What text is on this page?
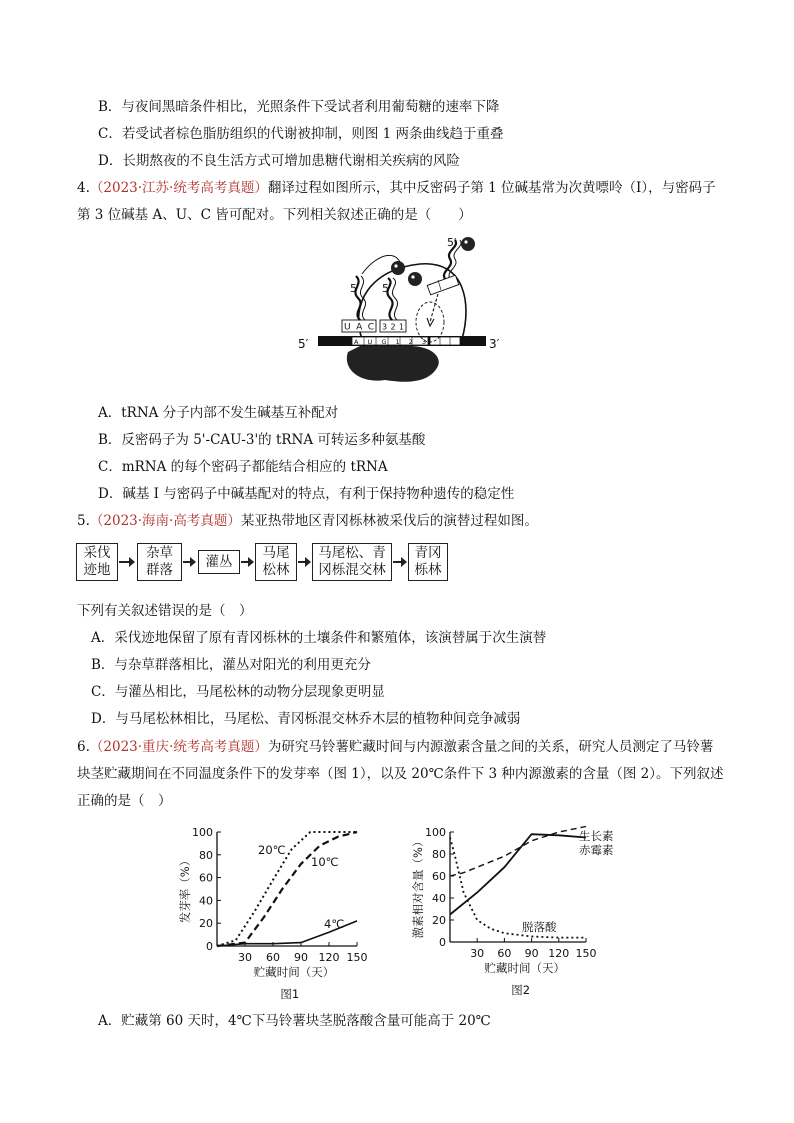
B．与夜间黑暗条件相比，光照条件下受试者利用葡萄糖的速率下降
C．若受试者棕色脂肪组织的代谢被抑制，则图 1 两条曲线趋于重叠
D．长期熬夜的不良生活方式可增加患糖代谢相关疾病的风险
4.（2023·江苏·统考高考真题）翻译过程如图所示，其中反密码子第 1 位碱基常为次黄嘌呤（I），与密码子
第 3 位碱基 A、U、C 皆可配对。下列相关叙述正确的是（　　）
A U G 1 2 3
5′	3′
UAC
5′
3 2 1
5′
5′
A．tRNA 分子内部不发生碱基互补配对
B．反密码子为 5'-CAU-3'的 tRNA 可转运多种氨基酸
C．mRNA 的每个密码子都能结合相应的 tRNA
D．碱基 I 与密码子中碱基配对的特点，有利于保持物种遗传的稳定性
5.（2023·海南·高考真题）某亚热带地区青冈栎林被采伐后的演替过程如图。
采伐
迹地
杂草
群落
灌丛
马尾
松林
马尾松、青
冈栎混交林
青冈
栎林
下列有关叙述错误的是（　）
A．采伐迹地保留了原有青冈栎林的土壤条件和繁殖体，该演替属于次生演替
B．与杂草群落相比，灌丛对阳光的利用更充分
C．与灌丛相比，马尾松林的动物分层现象更明显
D．与马尾松林相比，马尾松、青冈栎混交林乔木层的植物种间竞争减弱
6.（2023·重庆·统考高考真题）为研究马铃薯贮藏时间与内源激素含量之间的关系，研究人员测定了马铃薯
块茎贮藏期间在不同温度条件下的发芽率（图 1），以及 20℃条件下 3 种内源激素的含量（图 2）。下列叙述
正确的是（　）
0
20
40
60
80
100
30 60 90 120 150
贮藏时间（天）
发芽率（%）
20℃
10℃
4℃
图1
0
20
40
60
80
100
30 60 90 120 150
贮藏时间（天）
激素相对含量（%）	生长素
赤霉素
脱落酸
图2
A．贮藏第 60 天时，4℃下马铃薯块茎脱落酸含量可能高于 20℃
